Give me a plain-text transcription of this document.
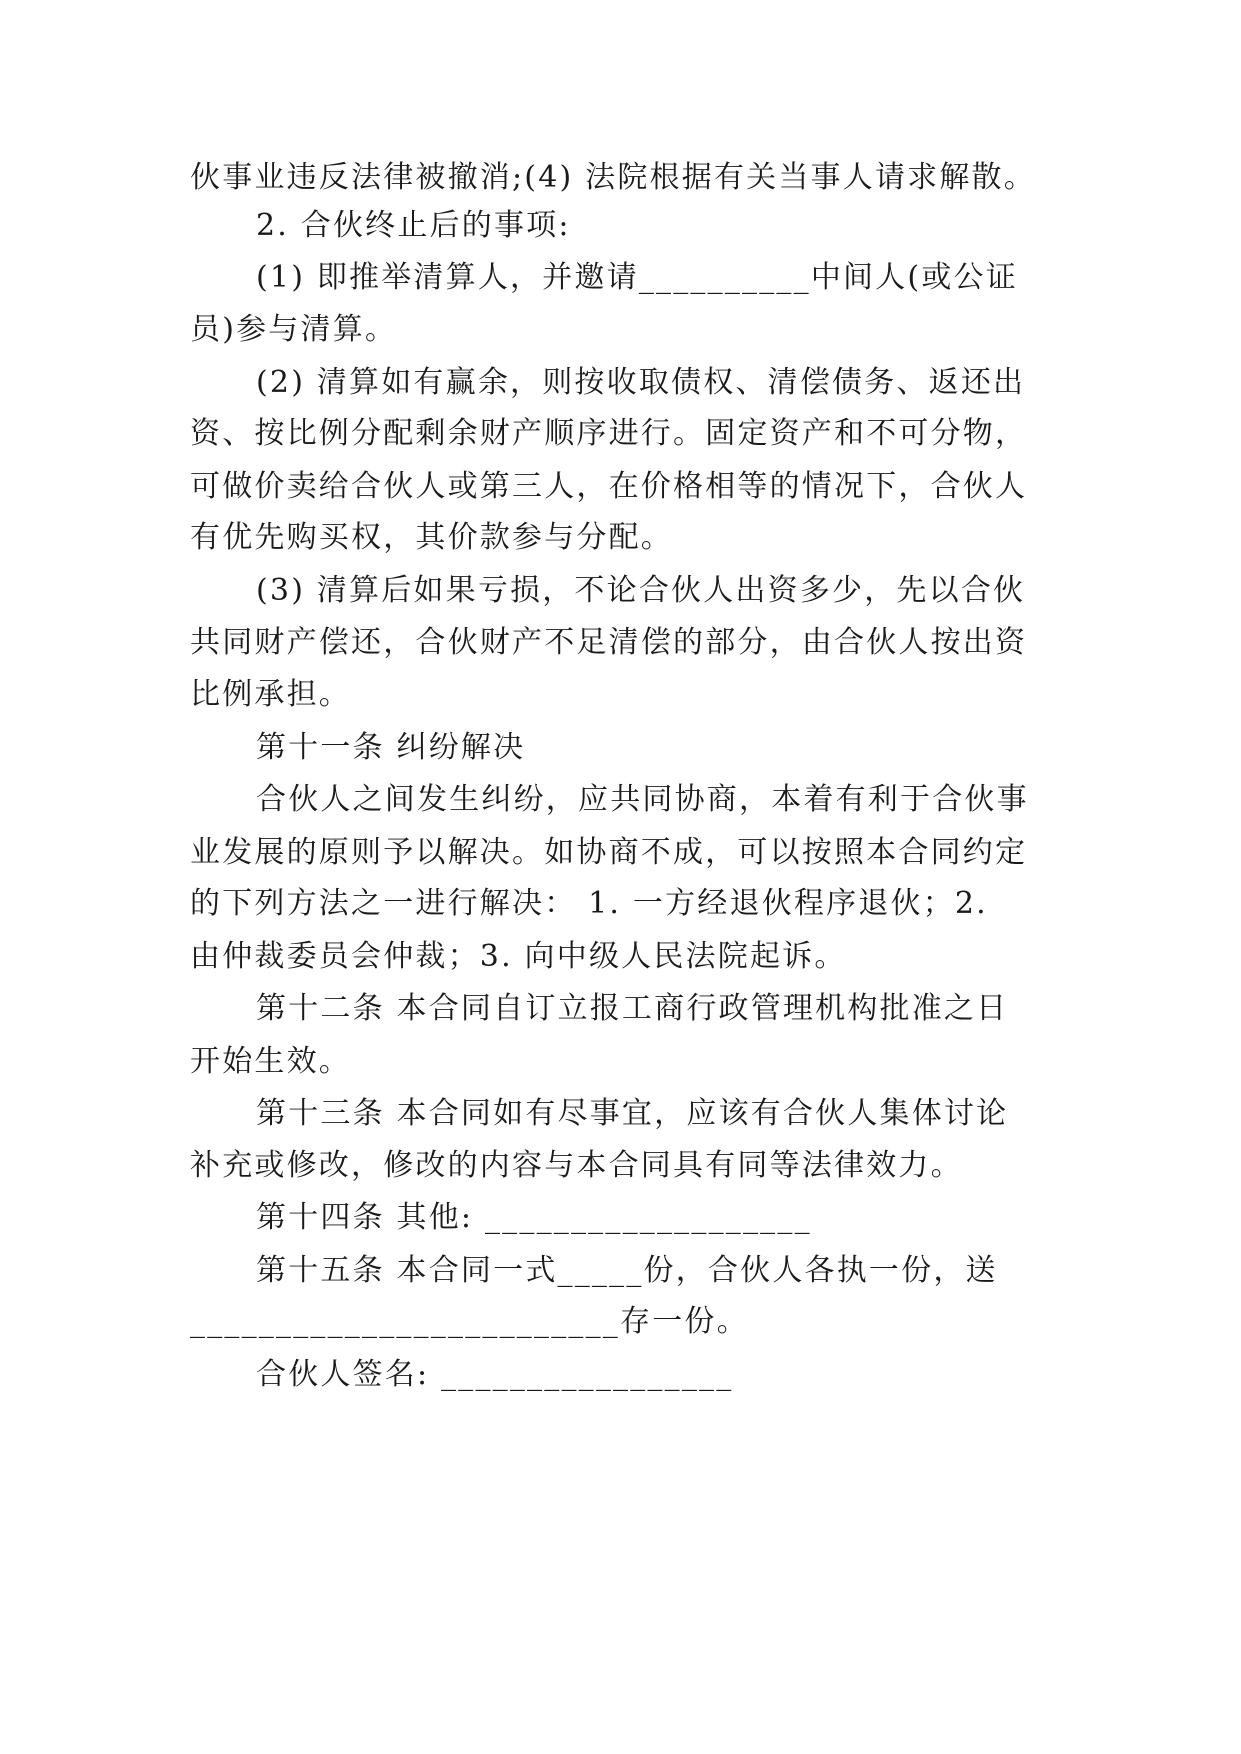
伙事业违反法律被撤消;(4) 法院根据有关当事人请求解散。
2. 合伙终止后的事项:
(1) 即推举清算人，并邀请__________中间人(或公证
员)参与清算。
(2) 清算如有赢余，则按收取债权、清偿债务、返还出
资、按比例分配剩余财产顺序进行。固定资产和不可分物，
可做价卖给合伙人或第三人，在价格相等的情况下，合伙人
有优先购买权，其价款参与分配。
(3) 清算后如果亏损，不论合伙人出资多少，先以合伙
共同财产偿还，合伙财产不足清偿的部分，由合伙人按出资
比例承担。
第十一条 纠纷解决
合伙人之间发生纠纷，应共同协商，本着有利于合伙事
业发展的原则予以解决。如协商不成，可以按照本合同约定
的下列方法之一进行解决： 1. 一方经退伙程序退伙；2.
由仲裁委员会仲裁；3. 向中级人民法院起诉。
第十二条 本合同自订立报工商行政管理机构批准之日
开始生效。
第十三条 本合同如有尽事宜，应该有合伙人集体讨论
补充或修改，修改的内容与本合同具有同等法律效力。
第十四条 其他: ___________________
第十五条 本合同一式_____份，合伙人各执一份，送
_________________________存一份。
合伙人签名: _________________
